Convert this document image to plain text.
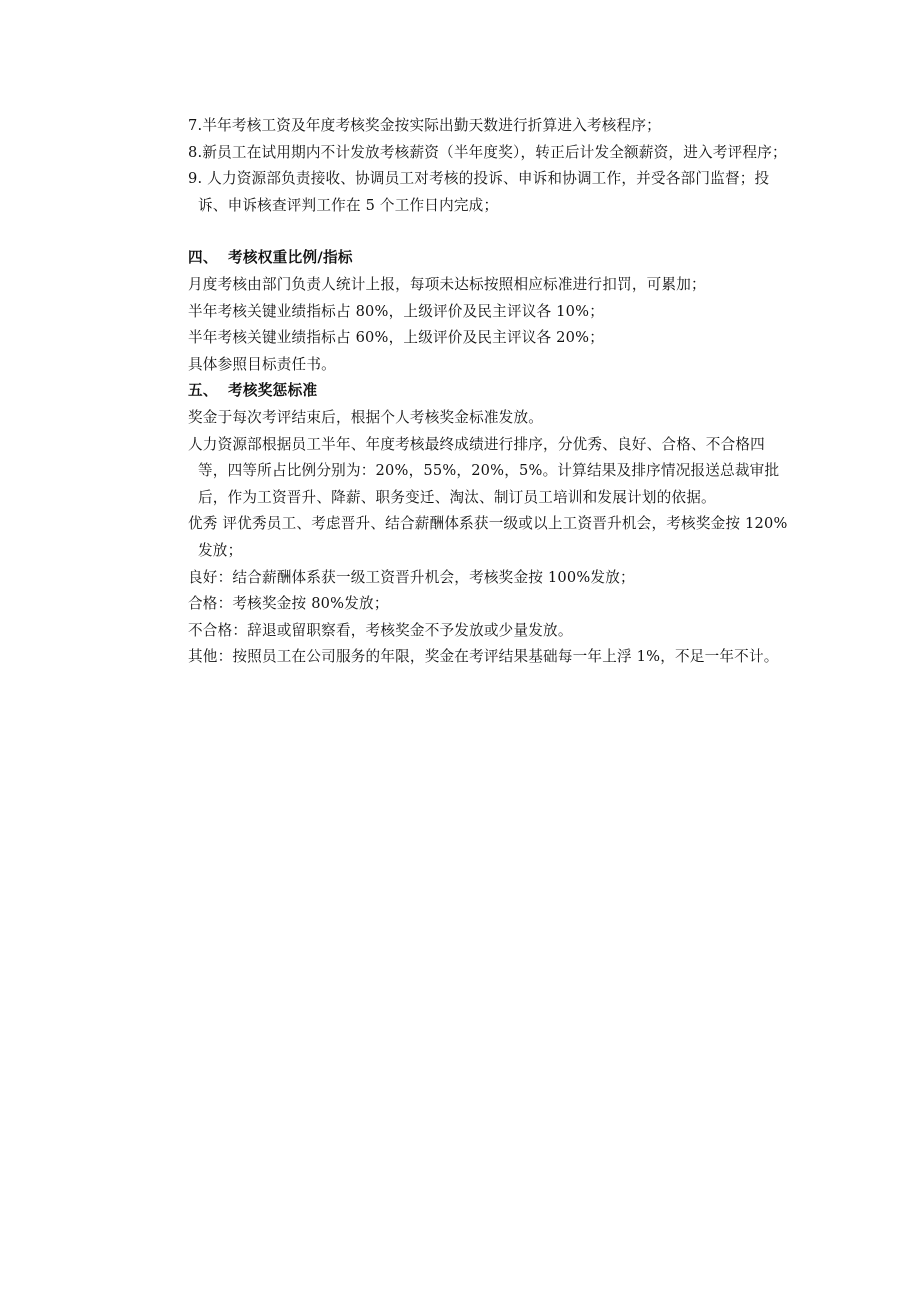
7.半年考核工资及年度考核奖金按实际出勤天数进行折算进入考核程序；

8.新员工在试用期内不计发放考核薪资（半年度奖），转正后计发全额薪资，进入考评程序；

9. 人力资源部负责接收、协调员工对考核的投诉、申诉和协调工作，并受各部门监督；投诉、申诉核查评判工作在 5 个工作日内完成；

四、 考核权重比例/指标

月度考核由部门负责人统计上报，每项未达标按照相应标准进行扣罚，可累加；

半年考核关键业绩指标占 80%，上级评价及民主评议各 10%；

半年考核关键业绩指标占 60%，上级评价及民主评议各 20%；

具体参照目标责任书。

五、 考核奖惩标准

奖金于每次考评结束后，根据个人考核奖金标准发放。

人力资源部根据员工半年、年度考核最终成绩进行排序，分优秀、良好、合格、不合格四等，四等所占比例分别为：20%，55%，20%，5%。计算结果及排序情况报送总裁审批后，作为工资晋升、降薪、职务变迁、淘汰、制订员工培训和发展计划的依据。

优秀 评优秀员工、考虑晋升、结合薪酬体系获一级或以上工资晋升机会，考核奖金按 120%发放；

良好：结合薪酬体系获一级工资晋升机会，考核奖金按 100%发放；

合格：考核奖金按 80%发放；

不合格：辞退或留职察看，考核奖金不予发放或少量发放。

其他：按照员工在公司服务的年限，奖金在考评结果基础每一年上浮 1%，不足一年不计。
